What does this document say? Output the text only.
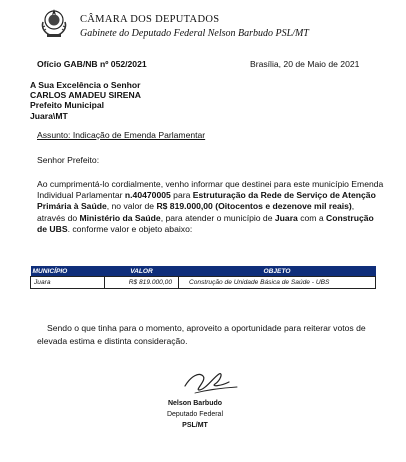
CÂMARA DOS DEPUTADOS
Gabinete do Deputado Federal Nelson Barbudo PSL/MT
Ofício GAB/NB nº 052/2021	Brasília, 20 de Maio de 2021
A Sua Excelência o Senhor
CARLOS AMADEU SIRENA
Prefeito Municipal
Juara\MT
Assunto: Indicação de Emenda Parlamentar
Senhor Prefeito:
Ao cumprimentá-lo cordialmente, venho informar que destinei para este município Emenda
Individual Parlamentar n.40470005 para Estruturação da Rede de Serviço de Atenção
Primária à Saúde, no valor de R$ 819.000,00 (Oitocentos e dezenove mil reais),
através do Ministério da Saúde, para atender o município de Juara com a Construção
de UBS. conforme valor e objeto abaixo:
MUNICÍPIO	VALOR	OBJETO
Juara	R$ 819.000,00	Construção de Unidade Básica de Saúde - UBS
Sendo o que tinha para o momento, aproveito a oportunidade para reiterar votos de
elevada estima e distinta consideração.
Nelson Barbudo
Deputado Federal
PSL/MT
